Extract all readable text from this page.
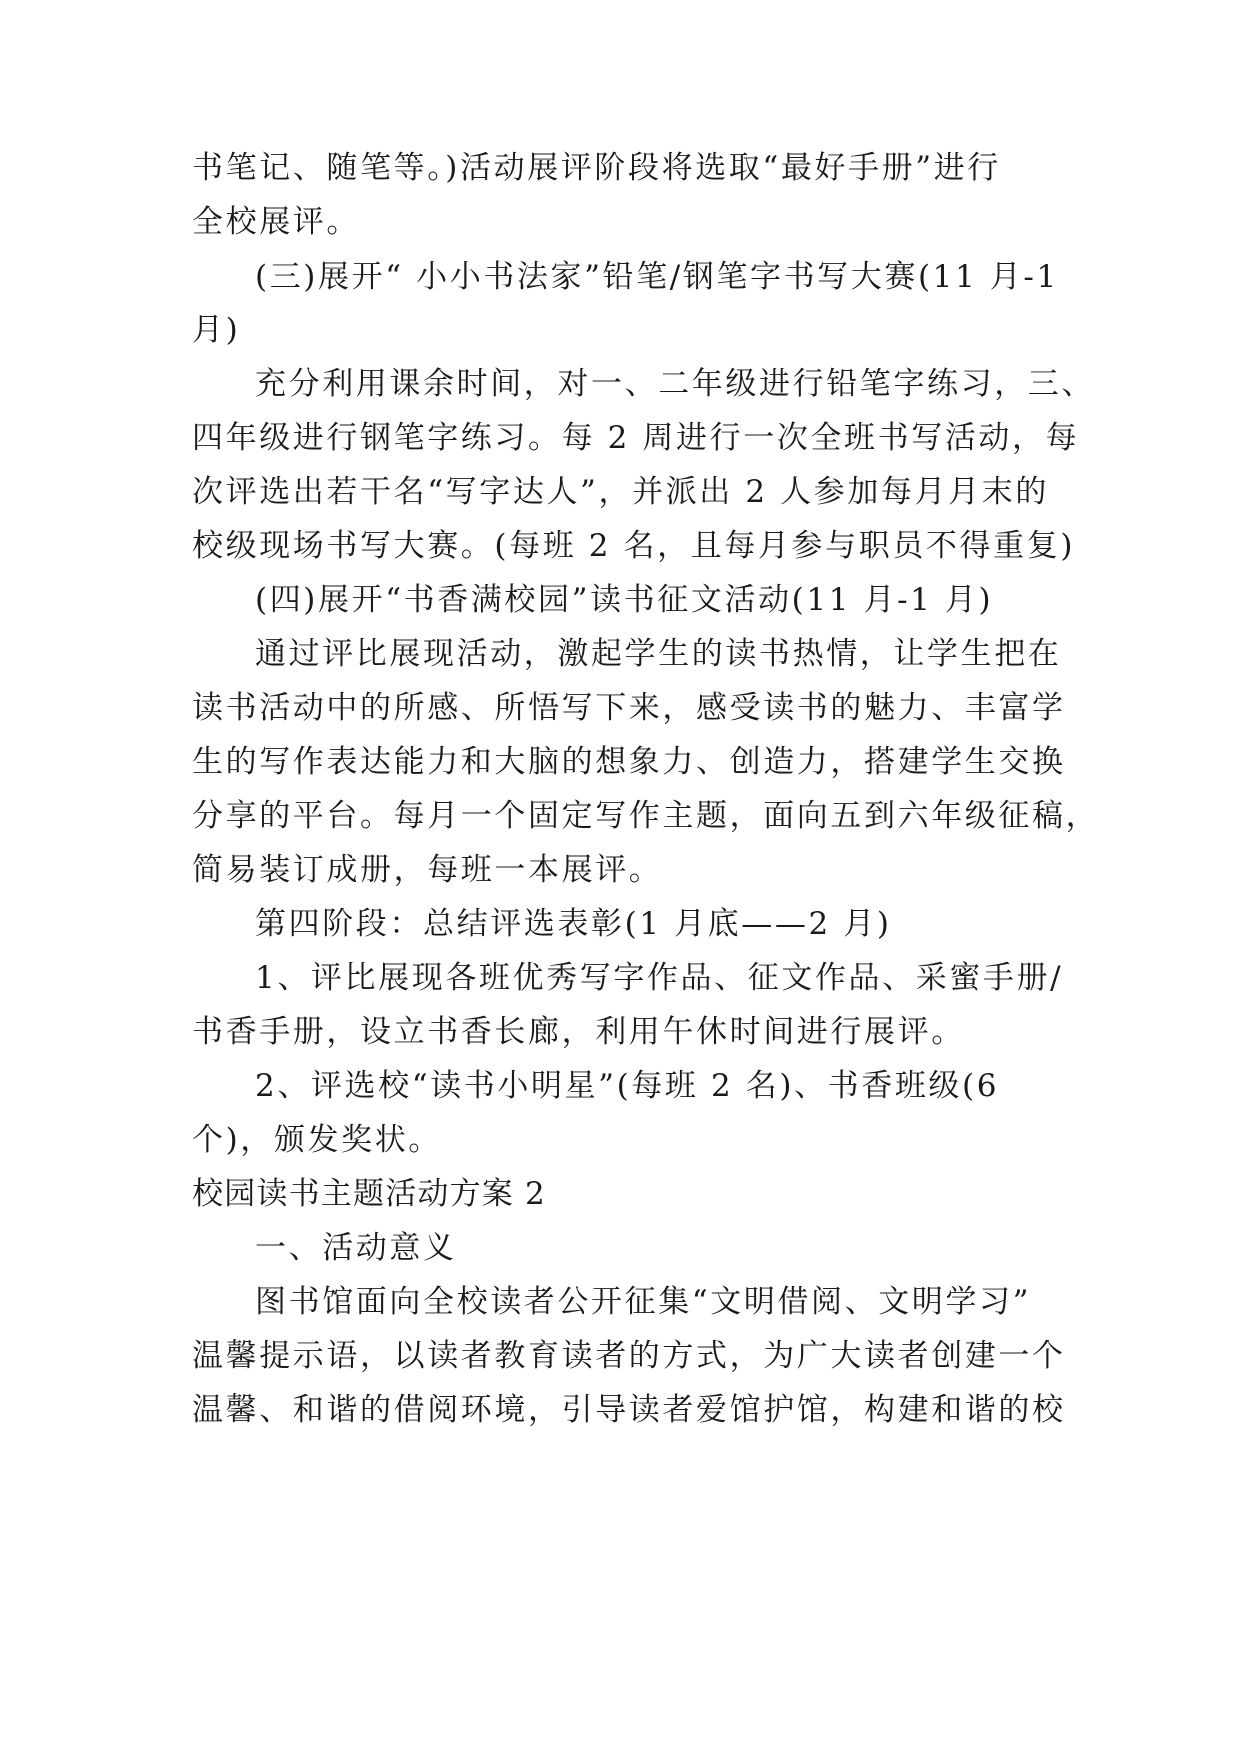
书笔记、随笔等。)活动展评阶段将选取“最好手册”进行
全校展评。
(三)展开“ 小小书法家”铅笔/钢笔字书写大赛(11 月-1
月)
充分利用课余时间，对一、二年级进行铅笔字练习，三、
四年级进行钢笔字练习。每 2 周进行一次全班书写活动，每
次评选出若干名“写字达人”，并派出 2 人参加每月月末的
校级现场书写大赛。(每班 2 名，且每月参与职员不得重复)
(四)展开“书香满校园”读书征文活动(11 月-1 月)
通过评比展现活动，激起学生的读书热情，让学生把在
读书活动中的所感、所悟写下来，感受读书的魅力、丰富学
生的写作表达能力和大脑的想象力、创造力，搭建学生交换
分享的平台。每月一个固定写作主题，面向五到六年级征稿，
简易装订成册，每班一本展评。
第四阶段：总结评选表彰(1 月底——2 月)
1、评比展现各班优秀写字作品、征文作品、采蜜手册/
书香手册，设立书香长廊，利用午休时间进行展评。
2、评选校“读书小明星”(每班 2 名)、书香班级(6
个)，颁发奖状。
校园读书主题活动方案 2
一、活动意义
图书馆面向全校读者公开征集“文明借阅、文明学习”
温馨提示语，以读者教育读者的方式，为广大读者创建一个
温馨、和谐的借阅环境，引导读者爱馆护馆，构建和谐的校
